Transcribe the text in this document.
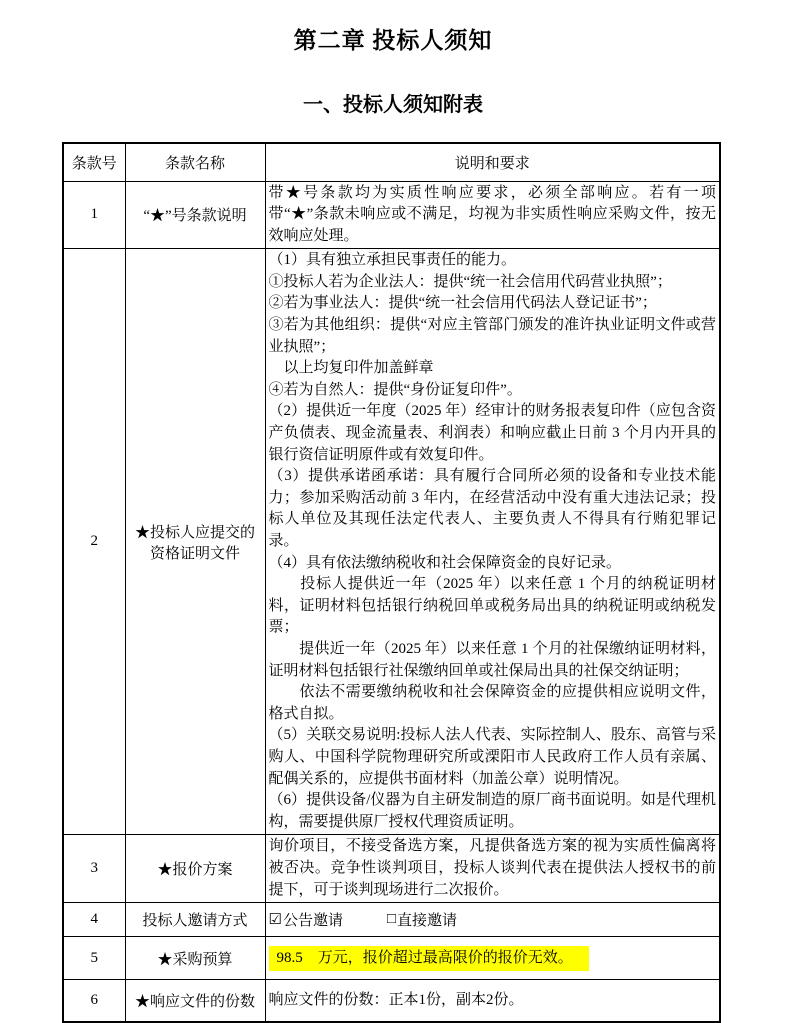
第二章 投标人须知
一、投标人须知附表
条款号	条款名称	说明和要求
1	“★”号条款说明	带★号条款均为实质性响应要求，必须全部响应。若有一项带“★”条款未响应或不满足，均视为非实质性响应采购文件，按无效响应处理。

2	★投标人应提交的资格证明文件	

（1）具有独立承担民事责任的能力。

①投标人若为企业法人：提供“统一社会信用代码营业执照”；

②若为事业法人：提供“统一社会信用代码法人登记证书”；

③若为其他组织：提供“对应主管部门颁发的准许执业证明文件或营业执照”；

　以上均复印件加盖鲜章

④若为自然人：提供“身份证复印件”。

（2）提供近一年度（2025 年）经审计的财务报表复印件（应包含资产负债表、现金流量表、利润表）和响应截止日前 3 个月内开具的银行资信证明原件或有效复印件。

（3）提供承诺函承诺：具有履行合同所必须的设备和专业技术能力；参加采购活动前 3 年内，在经营活动中没有重大违法记录；投标人单位及其现任法定代表人、主要负责人不得具有行贿犯罪记录。

（4）具有依法缴纳税收和社会保障资金的良好记录。

　　投标人提供近一年（2025 年）以来任意 1 个月的纳税证明材料，证明材料包括银行纳税回单或税务局出具的纳税证明或纳税发票；

　　提供近一年（2025 年）以来任意 1 个月的社保缴纳证明材料，证明材料包括银行社保缴纳回单或社保局出具的社保交纳证明；

　　依法不需要缴纳税收和社会保障资金的应提供相应说明文件，格式自拟。

（5）关联交易说明:投标人法人代表、实际控制人、股东、高管与采购人、中国科学院物理研究所或溧阳市人民政府工作人员有亲属、配偶关系的，应提供书面材料（加盖公章）说明情况。

（6）提供设备/仪器为自主研发制造的原厂商书面说明。如是代理机构，需要提供原厂授权代理资质证明。

3	★报价方案	询价项目，不接受备选方案，凡提供备选方案的视为实质性偏离将被否决。竞争性谈判项目，投标人谈判代表在提供法人授权书的前提下，可于谈判现场进行二次报价。

4	投标人邀请方式	☑ 公告邀请 □ 直接邀请

5	★采购预算	98.5　万元，报价超过最高限价的报价无效。
6	★响应文件的份数	响应文件的份数：正本1份，副本2份。
